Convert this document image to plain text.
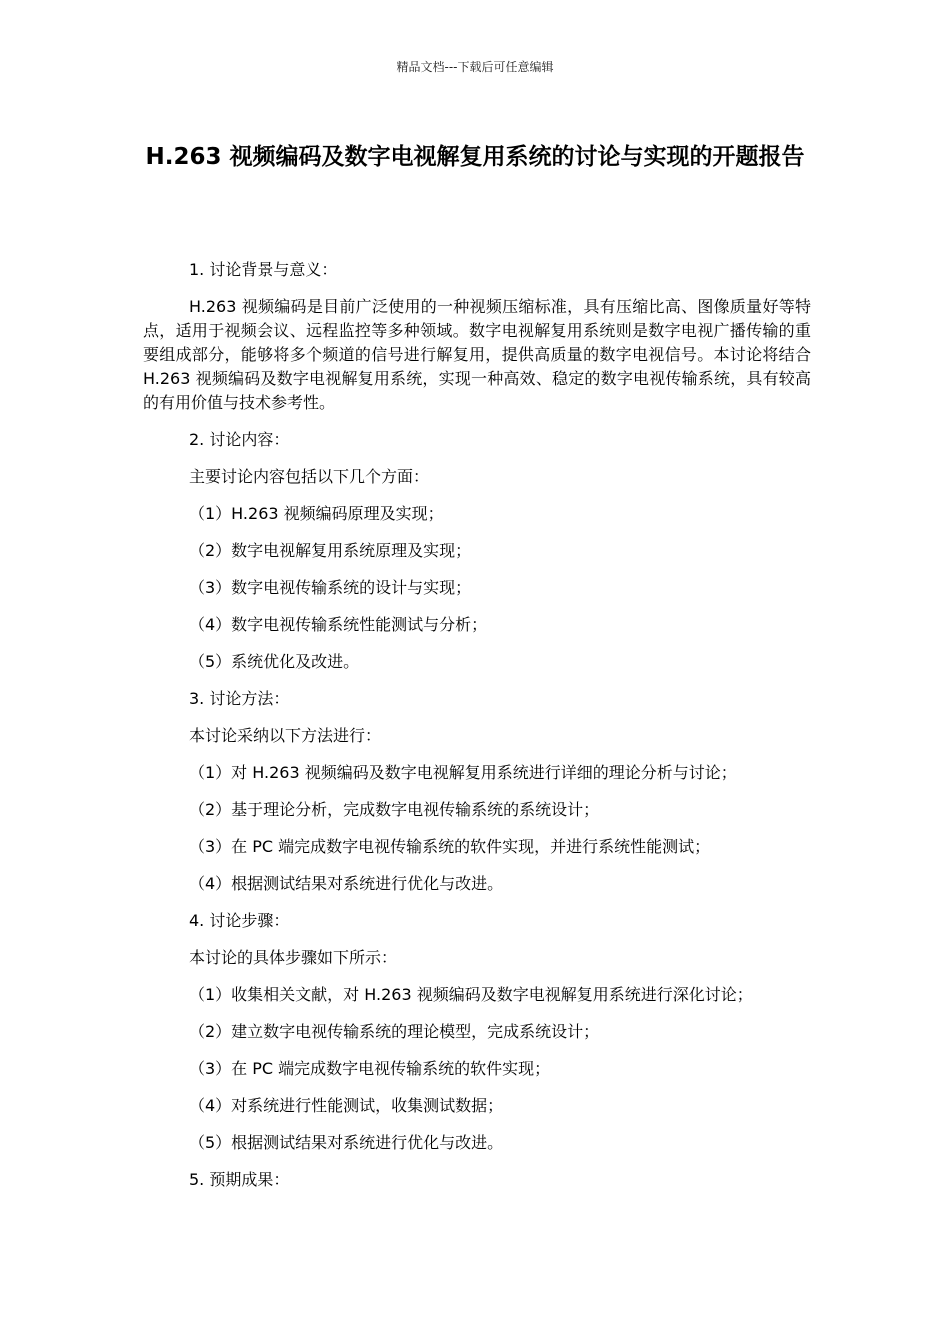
精品文档---下载后可任意编辑
H.263 视频编码及数字电视解复用系统的讨论与实现的开题报告

1. 讨论背景与意义：

H.263 视频编码是目前广泛使用的一种视频压缩标准，具有压缩比高、图像质量好等特点，适用于视频会议、远程监控等多种领域。数字电视解复用系统则是数字电视广播传输的重要组成部分，能够将多个频道的信号进行解复用，提供高质量的数字电视信号。本讨论将结合 H.263 视频编码及数字电视解复用系统，实现一种高效、稳定的数字电视传输系统，具有较高的有用价值与技术参考性。

2. 讨论内容：

主要讨论内容包括以下几个方面：

（1）H.263 视频编码原理及实现；

（2）数字电视解复用系统原理及实现；

（3）数字电视传输系统的设计与实现；

（4）数字电视传输系统性能测试与分析；

（5）系统优化及改进。

3. 讨论方法：

本讨论采纳以下方法进行：

（1）对 H.263 视频编码及数字电视解复用系统进行详细的理论分析与讨论；

（2）基于理论分析，完成数字电视传输系统的系统设计；

（3）在 PC 端完成数字电视传输系统的软件实现，并进行系统性能测试；

（4）根据测试结果对系统进行优化与改进。

4. 讨论步骤：

本讨论的具体步骤如下所示：

（1）收集相关文献，对 H.263 视频编码及数字电视解复用系统进行深化讨论；

（2）建立数字电视传输系统的理论模型，完成系统设计；

（3）在 PC 端完成数字电视传输系统的软件实现；

（4）对系统进行性能测试，收集测试数据；

（5）根据测试结果对系统进行优化与改进。

5. 预期成果：
